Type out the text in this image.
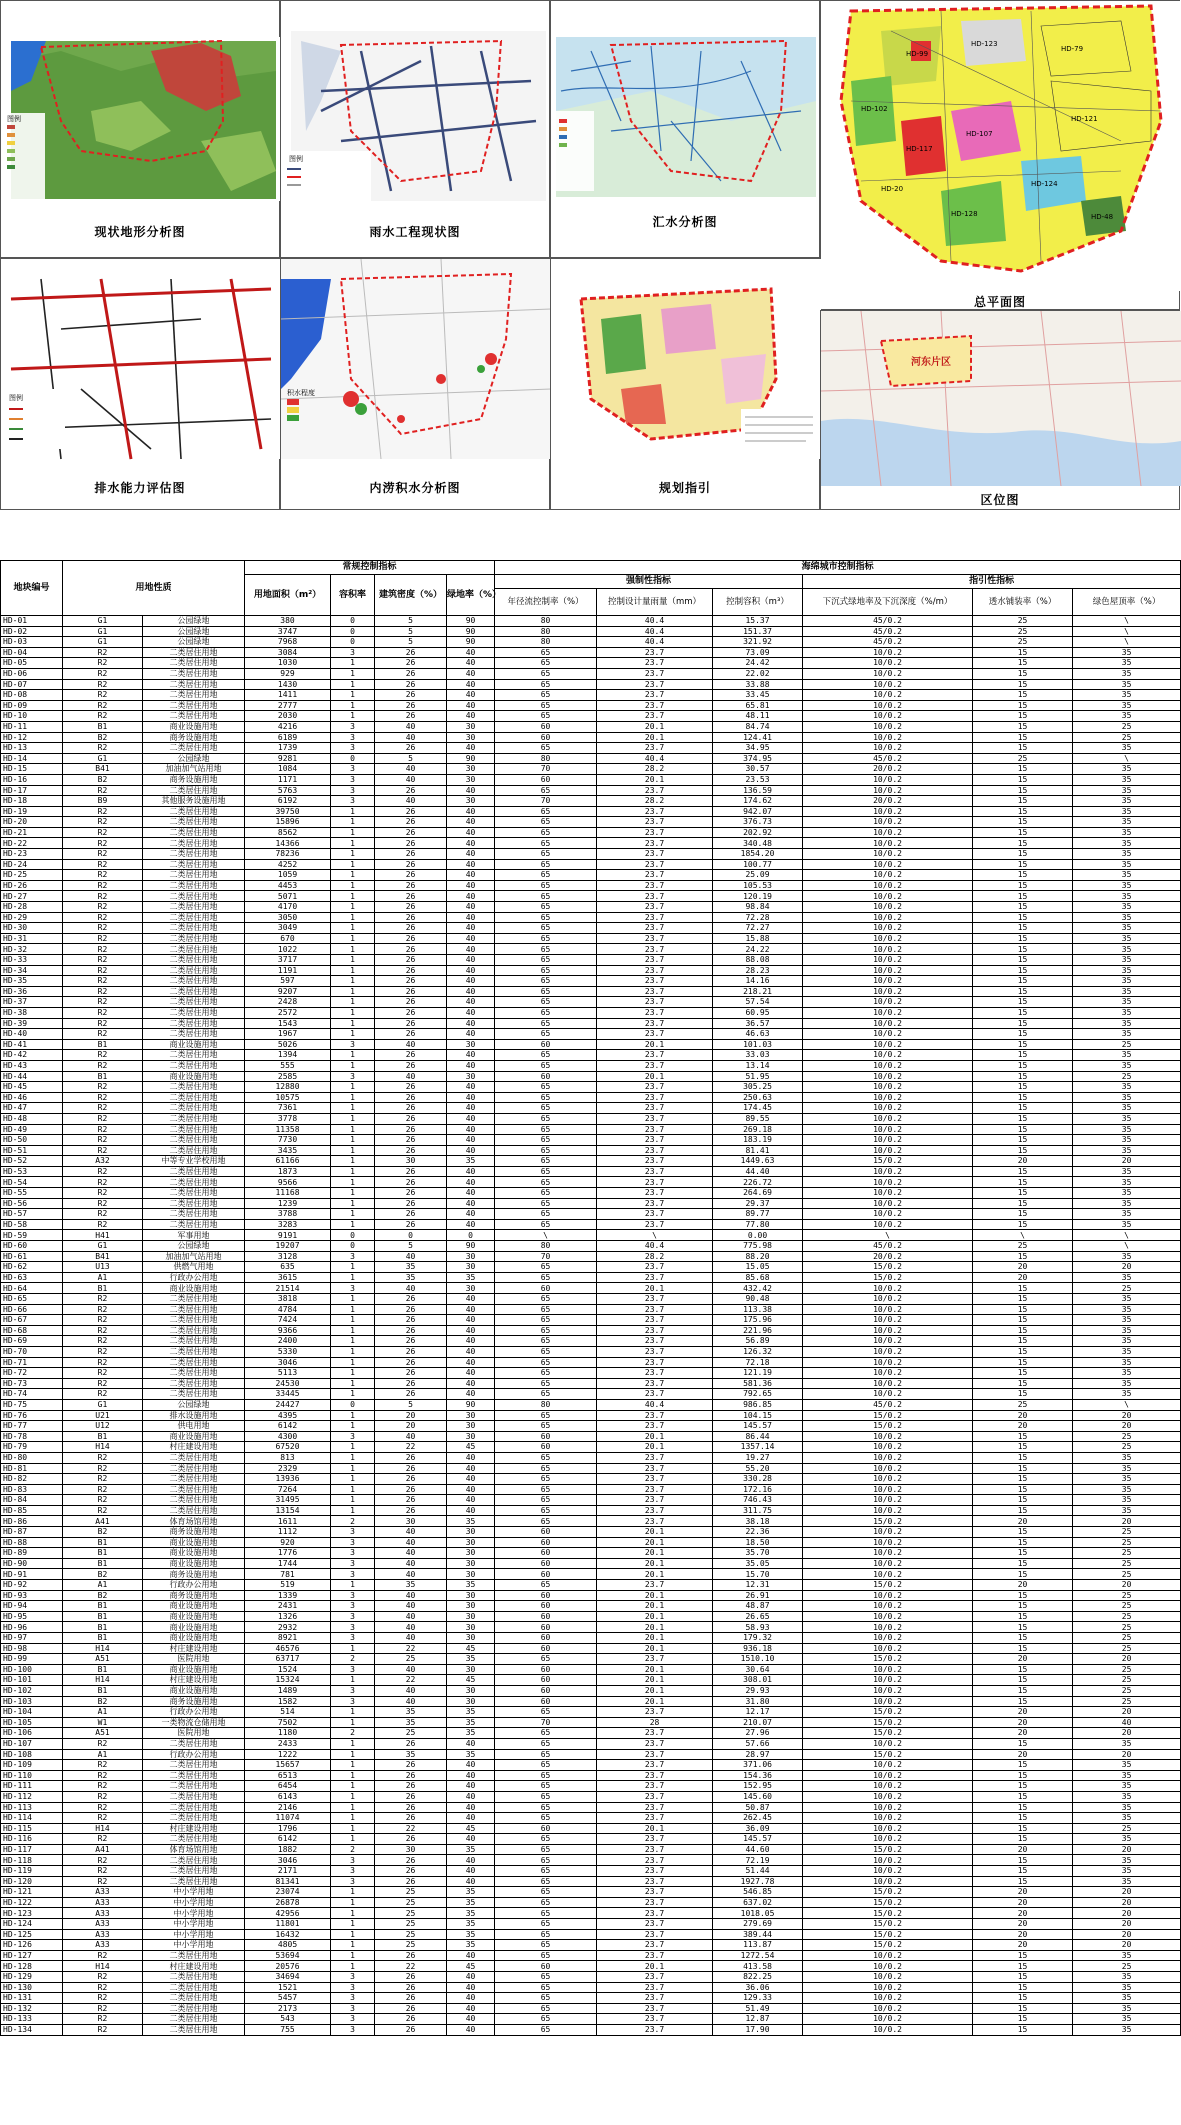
图例
现状地形分析图
图例
雨水工程现状图
汇水分析图
HD-99
HD-79
HD-123
HD-121
HD-102
HD-107
HD-124
HD-128
HD-117
HD-48
HD-20
总平面图
图例
排水能力评估图
积水程度
内涝积水分析图	规划指引
河东片区
区位图
地块编号	用地性质		常规控制指标				海绵城市控制指标					
			用地面积（m²）	容积率	建筑密度（%）	绿地率（%）	强制性指标			指引性指标		
							年径流控制率（%）	控制设计量雨量（mm）	控制容积（m³）	下沉式绿地率及下沉深度（%/m）	透水铺装率（%）	绿色屋顶率（%）
HD-01	G1	公园绿地	380	0	5	90	80	40.4	15.37	45/0.2	25	\
HD-02	G1	公园绿地	3747	0	5	90	80	40.4	151.37	45/0.2	25	\
HD-03	G1	公园绿地	7968	0	5	90	80	40.4	321.92	45/0.2	25	\
HD-04	R2	二类居住用地	3084	3	26	40	65	23.7	73.09	10/0.2	15	35
HD-05	R2	二类居住用地	1030	1	26	40	65	23.7	24.42	10/0.2	15	35
HD-06	R2	二类居住用地	929	1	26	40	65	23.7	22.02	10/0.2	15	35
HD-07	R2	二类居住用地	1430	1	26	40	65	23.7	33.88	10/0.2	15	35
HD-08	R2	二类居住用地	1411	1	26	40	65	23.7	33.45	10/0.2	15	35
HD-09	R2	二类居住用地	2777	1	26	40	65	23.7	65.81	10/0.2	15	35
HD-10	R2	二类居住用地	2030	1	26	40	65	23.7	48.11	10/0.2	15	35
HD-11	B1	商业设施用地	4216	3	40	30	60	20.1	84.74	10/0.2	15	25
HD-12	B2	商务设施用地	6189	3	40	30	60	20.1	124.41	10/0.2	15	25
HD-13	R2	二类居住用地	1739	3	26	40	65	23.7	34.95	10/0.2	15	35
HD-14	G1	公园绿地	9281	0	5	90	80	40.4	374.95	45/0.2	25	\
HD-15	B41	加油加气站用地	1084	3	40	30	70	28.2	30.57	20/0.2	15	35
HD-16	B2	商务设施用地	1171	3	40	30	60	20.1	23.53	10/0.2	15	35
HD-17	R2	二类居住用地	5763	3	26	40	65	23.7	136.59	10/0.2	15	35
HD-18	B9	其他服务设施用地	6192	3	40	30	70	28.2	174.62	20/0.2	15	35
HD-19	R2	二类居住用地	39750	1	26	40	65	23.7	942.07	10/0.2	15	35
HD-20	R2	二类居住用地	15896	1	26	40	65	23.7	376.73	10/0.2	15	35
HD-21	R2	二类居住用地	8562	1	26	40	65	23.7	202.92	10/0.2	15	35
HD-22	R2	二类居住用地	14366	1	26	40	65	23.7	340.48	10/0.2	15	35
HD-23	R2	二类居住用地	78236	1	26	40	65	23.7	1854.20	10/0.2	15	35
HD-24	R2	二类居住用地	4252	1	26	40	65	23.7	100.77	10/0.2	15	35
HD-25	R2	二类居住用地	1059	1	26	40	65	23.7	25.09	10/0.2	15	35
HD-26	R2	二类居住用地	4453	1	26	40	65	23.7	105.53	10/0.2	15	35
HD-27	R2	二类居住用地	5071	1	26	40	65	23.7	120.19	10/0.2	15	35
HD-28	R2	二类居住用地	4170	1	26	40	65	23.7	98.84	10/0.2	15	35
HD-29	R2	二类居住用地	3050	1	26	40	65	23.7	72.28	10/0.2	15	35
HD-30	R2	二类居住用地	3049	1	26	40	65	23.7	72.27	10/0.2	15	35
HD-31	R2	二类居住用地	670	1	26	40	65	23.7	15.88	10/0.2	15	35
HD-32	R2	二类居住用地	1022	1	26	40	65	23.7	24.22	10/0.2	15	35
HD-33	R2	二类居住用地	3717	1	26	40	65	23.7	88.08	10/0.2	15	35
HD-34	R2	二类居住用地	1191	1	26	40	65	23.7	28.23	10/0.2	15	35
HD-35	R2	二类居住用地	597	1	26	40	65	23.7	14.16	10/0.2	15	35
HD-36	R2	二类居住用地	9207	1	26	40	65	23.7	218.21	10/0.2	15	35
HD-37	R2	二类居住用地	2428	1	26	40	65	23.7	57.54	10/0.2	15	35
HD-38	R2	二类居住用地	2572	1	26	40	65	23.7	60.95	10/0.2	15	35
HD-39	R2	二类居住用地	1543	1	26	40	65	23.7	36.57	10/0.2	15	35
HD-40	R2	二类居住用地	1967	1	26	40	65	23.7	46.63	10/0.2	15	35
HD-41	B1	商业设施用地	5026	3	40	30	60	20.1	101.03	10/0.2	15	25
HD-42	R2	二类居住用地	1394	1	26	40	65	23.7	33.03	10/0.2	15	35
HD-43	R2	二类居住用地	555	1	26	40	65	23.7	13.14	10/0.2	15	35
HD-44	B1	商业设施用地	2585	3	40	30	60	20.1	51.95	10/0.2	15	25
HD-45	R2	二类居住用地	12880	1	26	40	65	23.7	305.25	10/0.2	15	35
HD-46	R2	二类居住用地	10575	1	26	40	65	23.7	250.63	10/0.2	15	35
HD-47	R2	二类居住用地	7361	1	26	40	65	23.7	174.45	10/0.2	15	35
HD-48	R2	二类居住用地	3778	1	26	40	65	23.7	89.55	10/0.2	15	35
HD-49	R2	二类居住用地	11358	1	26	40	65	23.7	269.18	10/0.2	15	35
HD-50	R2	二类居住用地	7730	1	26	40	65	23.7	183.19	10/0.2	15	35
HD-51	R2	二类居住用地	3435	1	26	40	65	23.7	81.41	10/0.2	15	35
HD-52	A32	中等专业学校用地	61166	1	30	35	65	23.7	1449.63	15/0.2	20	20
HD-53	R2	二类居住用地	1873	1	26	40	65	23.7	44.40	10/0.2	15	35
HD-54	R2	二类居住用地	9566	1	26	40	65	23.7	226.72	10/0.2	15	35
HD-55	R2	二类居住用地	11168	1	26	40	65	23.7	264.69	10/0.2	15	35
HD-56	R2	二类居住用地	1239	1	26	40	65	23.7	29.37	10/0.2	15	35
HD-57	R2	二类居住用地	3788	1	26	40	65	23.7	89.77	10/0.2	15	35
HD-58	R2	二类居住用地	3283	1	26	40	65	23.7	77.80	10/0.2	15	35
HD-59	H41	军事用地	9191	0	0	0	\	\	0.00	\	\	\
HD-60	G1	公园绿地	19207	0	5	90	80	40.4	775.98	45/0.2	25	\
HD-61	B41	加油加气站用地	3128	3	40	30	70	28.2	88.20	20/0.2	15	35
HD-62	U13	供燃气用地	635	1	35	30	65	23.7	15.05	15/0.2	20	20
HD-63	A1	行政办公用地	3615	1	35	35	65	23.7	85.68	15/0.2	20	35
HD-64	B1	商业设施用地	21514	3	40	30	60	20.1	432.42	10/0.2	15	25
HD-65	R2	二类居住用地	3818	1	26	40	65	23.7	90.48	10/0.2	15	35
HD-66	R2	二类居住用地	4784	1	26	40	65	23.7	113.38	10/0.2	15	35
HD-67	R2	二类居住用地	7424	1	26	40	65	23.7	175.96	10/0.2	15	35
HD-68	R2	二类居住用地	9366	1	26	40	65	23.7	221.96	10/0.2	15	35
HD-69	R2	二类居住用地	2400	1	26	40	65	23.7	56.89	10/0.2	15	35
HD-70	R2	二类居住用地	5330	1	26	40	65	23.7	126.32	10/0.2	15	35
HD-71	R2	二类居住用地	3046	1	26	40	65	23.7	72.18	10/0.2	15	35
HD-72	R2	二类居住用地	5113	1	26	40	65	23.7	121.19	10/0.2	15	35
HD-73	R2	二类居住用地	24530	1	26	40	65	23.7	581.36	10/0.2	15	35
HD-74	R2	二类居住用地	33445	1	26	40	65	23.7	792.65	10/0.2	15	35
HD-75	G1	公园绿地	24427	0	5	90	80	40.4	986.85	45/0.2	25	\
HD-76	U21	排水设施用地	4395	1	20	30	65	23.7	104.15	15/0.2	20	20
HD-77	U12	供电用地	6142	1	20	30	65	23.7	145.57	15/0.2	20	20
HD-78	B1	商业设施用地	4300	3	40	30	60	20.1	86.44	10/0.2	15	25
HD-79	H14	村庄建设用地	67520	1	22	45	60	20.1	1357.14	10/0.2	15	25
HD-80	R2	二类居住用地	813	1	26	40	65	23.7	19.27	10/0.2	15	35
HD-81	R2	二类居住用地	2329	1	26	40	65	23.7	55.20	10/0.2	15	35
HD-82	R2	二类居住用地	13936	1	26	40	65	23.7	330.28	10/0.2	15	35
HD-83	R2	二类居住用地	7264	1	26	40	65	23.7	172.16	10/0.2	15	35
HD-84	R2	二类居住用地	31495	1	26	40	65	23.7	746.43	10/0.2	15	35
HD-85	R2	二类居住用地	13154	1	26	40	65	23.7	311.75	10/0.2	15	35
HD-86	A41	体育场馆用地	1611	2	30	35	65	23.7	38.18	15/0.2	20	20
HD-87	B2	商务设施用地	1112	3	40	30	60	20.1	22.36	10/0.2	15	25
HD-88	B1	商业设施用地	920	3	40	30	60	20.1	18.50	10/0.2	15	25
HD-89	B1	商业设施用地	1776	3	40	30	60	20.1	35.70	10/0.2	15	25
HD-90	B1	商业设施用地	1744	3	40	30	60	20.1	35.05	10/0.2	15	25
HD-91	B2	商务设施用地	781	3	40	30	60	20.1	15.70	10/0.2	15	25
HD-92	A1	行政办公用地	519	1	35	35	65	23.7	12.31	15/0.2	20	20
HD-93	B2	商务设施用地	1339	3	40	30	60	20.1	26.91	10/0.2	15	25
HD-94	B1	商业设施用地	2431	3	40	30	60	20.1	48.87	10/0.2	15	25
HD-95	B1	商业设施用地	1326	3	40	30	60	20.1	26.65	10/0.2	15	25
HD-96	B1	商业设施用地	2932	3	40	30	60	20.1	58.93	10/0.2	15	25
HD-97	B1	商业设施用地	8921	3	40	30	60	20.1	179.32	10/0.2	15	25
HD-98	H14	村庄建设用地	46576	1	22	45	60	20.1	936.18	10/0.2	15	25
HD-99	A51	医院用地	63717	2	25	35	65	23.7	1510.10	15/0.2	20	20
HD-100	B1	商业设施用地	1524	3	40	30	60	20.1	30.64	10/0.2	15	25
HD-101	H14	村庄建设用地	15324	1	22	45	60	20.1	308.01	10/0.2	15	25
HD-102	B1	商业设施用地	1489	3	40	30	60	20.1	29.93	10/0.2	15	25
HD-103	B2	商务设施用地	1582	3	40	30	60	20.1	31.80	10/0.2	15	25
HD-104	A1	行政办公用地	514	1	35	35	65	23.7	12.17	15/0.2	20	20
HD-105	W1	一类物流仓储用地	7502	1	35	35	70	28	210.07	15/0.2	20	40
HD-106	A51	医院用地	1180	2	25	35	65	23.7	27.96	15/0.2	20	20
HD-107	R2	二类居住用地	2433	1	26	40	65	23.7	57.66	10/0.2	15	35
HD-108	A1	行政办公用地	1222	1	35	35	65	23.7	28.97	15/0.2	20	20
HD-109	R2	二类居住用地	15657	1	26	40	65	23.7	371.06	10/0.2	15	35
HD-110	R2	二类居住用地	6513	1	26	40	65	23.7	154.36	10/0.2	15	35
HD-111	R2	二类居住用地	6454	1	26	40	65	23.7	152.95	10/0.2	15	35
HD-112	R2	二类居住用地	6143	1	26	40	65	23.7	145.60	10/0.2	15	35
HD-113	R2	二类居住用地	2146	1	26	40	65	23.7	50.87	10/0.2	15	35
HD-114	R2	二类居住用地	11074	1	26	40	65	23.7	262.45	10/0.2	15	35
HD-115	H14	村庄建设用地	1796	1	22	45	60	20.1	36.09	10/0.2	15	25
HD-116	R2	二类居住用地	6142	1	26	40	65	23.7	145.57	10/0.2	15	35
HD-117	A41	体育场馆用地	1882	2	30	35	65	23.7	44.60	15/0.2	20	20
HD-118	R2	二类居住用地	3046	3	26	40	65	23.7	72.19	10/0.2	15	35
HD-119	R2	二类居住用地	2171	3	26	40	65	23.7	51.44	10/0.2	15	35
HD-120	R2	二类居住用地	81341	3	26	40	65	23.7	1927.78	10/0.2	15	35
HD-121	A33	中小学用地	23074	1	25	35	65	23.7	546.85	15/0.2	20	20
HD-122	A33	中小学用地	26878	1	25	35	65	23.7	637.02	15/0.2	20	20
HD-123	A33	中小学用地	42956	1	25	35	65	23.7	1018.05	15/0.2	20	20
HD-124	A33	中小学用地	11801	1	25	35	65	23.7	279.69	15/0.2	20	20
HD-125	A33	中小学用地	16432	1	25	35	65	23.7	389.44	15/0.2	20	20
HD-126	A33	中小学用地	4805	1	25	35	65	23.7	113.87	15/0.2	20	20
HD-127	R2	二类居住用地	53694	1	26	40	65	23.7	1272.54	10/0.2	15	35
HD-128	H14	村庄建设用地	20576	1	22	45	60	20.1	413.58	10/0.2	15	25
HD-129	R2	二类居住用地	34694	3	26	40	65	23.7	822.25	10/0.2	15	35
HD-130	R2	二类居住用地	1521	3	26	40	65	23.7	36.06	10/0.2	15	35
HD-131	R2	二类居住用地	5457	3	26	40	65	23.7	129.33	10/0.2	15	35
HD-132	R2	二类居住用地	2173	3	26	40	65	23.7	51.49	10/0.2	15	35
HD-133	R2	二类居住用地	543	3	26	40	65	23.7	12.87	10/0.2	15	35
HD-134	R2	二类居住用地	755	3	26	40	65	23.7	17.90	10/0.2	15	35
